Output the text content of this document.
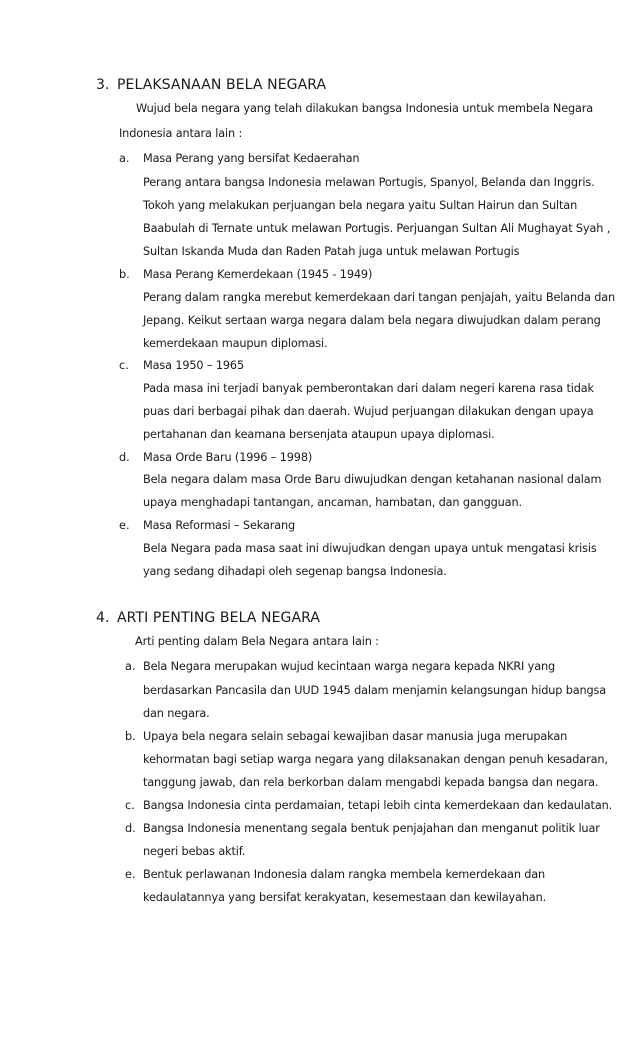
3. PELAKSANAAN BELA NEGARA
Wujud bela negara yang telah dilakukan bangsa Indonesia untuk membela Negara
Indonesia antara lain :
a. Masa Perang yang bersifat Kedaerahan
Perang antara bangsa Indonesia melawan Portugis, Spanyol, Belanda dan Inggris.
Tokoh yang melakukan perjuangan bela negara yaitu Sultan Hairun dan Sultan
Baabulah di Ternate untuk melawan Portugis. Perjuangan Sultan Ali Mughayat Syah ,
Sultan Iskanda Muda dan Raden Patah juga untuk melawan Portugis
b. Masa Perang Kemerdekaan (1945 - 1949)
Perang dalam rangka merebut kemerdekaan dari tangan penjajah, yaitu Belanda dan
Jepang. Keikut sertaan warga negara dalam bela negara diwujudkan dalam perang
kemerdekaan maupun diplomasi.
c. Masa 1950 – 1965
Pada masa ini terjadi banyak pemberontakan dari dalam negeri karena rasa tidak
puas dari berbagai pihak dan daerah. Wujud perjuangan dilakukan dengan upaya
pertahanan dan keamana bersenjata ataupun upaya diplomasi.
d. Masa Orde Baru (1996 – 1998)
Bela negara dalam masa Orde Baru diwujudkan dengan ketahanan nasional dalam
upaya menghadapi tantangan, ancaman, hambatan, dan gangguan.
e. Masa Reformasi – Sekarang
Bela Negara pada masa saat ini diwujudkan dengan upaya untuk mengatasi krisis
yang sedang dihadapi oleh segenap bangsa Indonesia.
4. ARTI PENTING BELA NEGARA
Arti penting dalam Bela Negara antara lain :
a. Bela Negara merupakan wujud kecintaan warga negara kepada NKRI yang
berdasarkan Pancasila dan UUD 1945 dalam menjamin kelangsungan hidup bangsa
dan negara.
b. Upaya bela negara selain sebagai kewajiban dasar manusia juga merupakan
kehormatan bagi setiap warga negara yang dilaksanakan dengan penuh kesadaran,
tanggung jawab, dan rela berkorban dalam mengabdi kepada bangsa dan negara.
c. Bangsa Indonesia cinta perdamaian, tetapi lebih cinta kemerdekaan dan kedaulatan.
d. Bangsa Indonesia menentang segala bentuk penjajahan dan menganut politik luar
negeri bebas aktif.
e. Bentuk perlawanan Indonesia dalam rangka membela kemerdekaan dan
kedaulatannya yang bersifat kerakyatan, kesemestaan dan kewilayahan.
